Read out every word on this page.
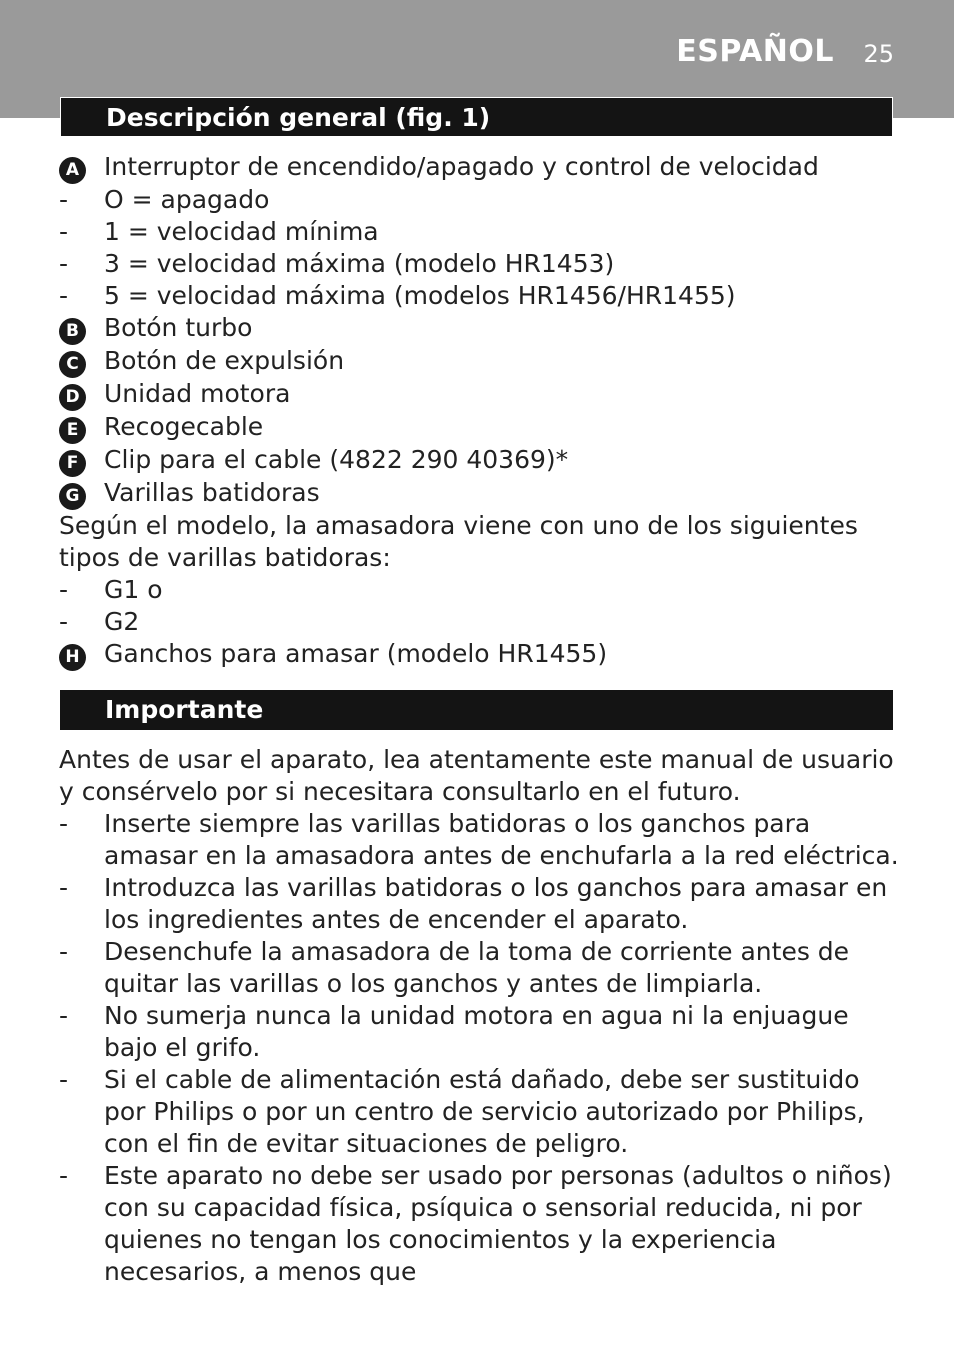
ESPAÑOL 25
Descripción general (fig. 1)
A Interruptor de encendido/apagado y control de velocidad
-	O = apagado
-	1 = velocidad mínima
-	3 = velocidad máxima (modelo HR1453)
-	5 = velocidad máxima (modelos HR1456/HR1455)
B	Botón turbo
C	Botón de expulsión
D Unidad motora
E	Recogecable
F	Clip para el cable (4822 290 40369)*
G Varillas batidoras
Según el modelo, la amasadora viene con uno de los siguientes tipos de varillas batidoras:
-	G1 o
-	G2
H Ganchos para amasar (modelo HR1455)
Importante
Antes de usar el aparato, lea atentamente este manual de usuario y consérvelo por si necesitara consultarlo en el futuro.
-	Inserte siempre las varillas batidoras o los ganchos para amasar en la amasadora antes de enchufarla a la red eléctrica.
-	Introduzca las varillas batidoras o los ganchos para amasar en los ingredientes antes de encender el aparato.
-	Desenchufe la amasadora de la toma de corriente antes de quitar las varillas o los ganchos y antes de limpiarla.
-	No sumerja nunca la unidad motora en agua ni la enjuague bajo el grifo.
-	Si el cable de alimentación está dañado, debe ser sustituido por Philips o por un centro de servicio autorizado por Philips, con el fin de evitar situaciones de peligro.
-	Este aparato no debe ser usado por personas (adultos o niños) con su capacidad física, psíquica o sensorial reducida, ni por quienes no tengan los conocimientos y la experiencia necesarios, a menos que
